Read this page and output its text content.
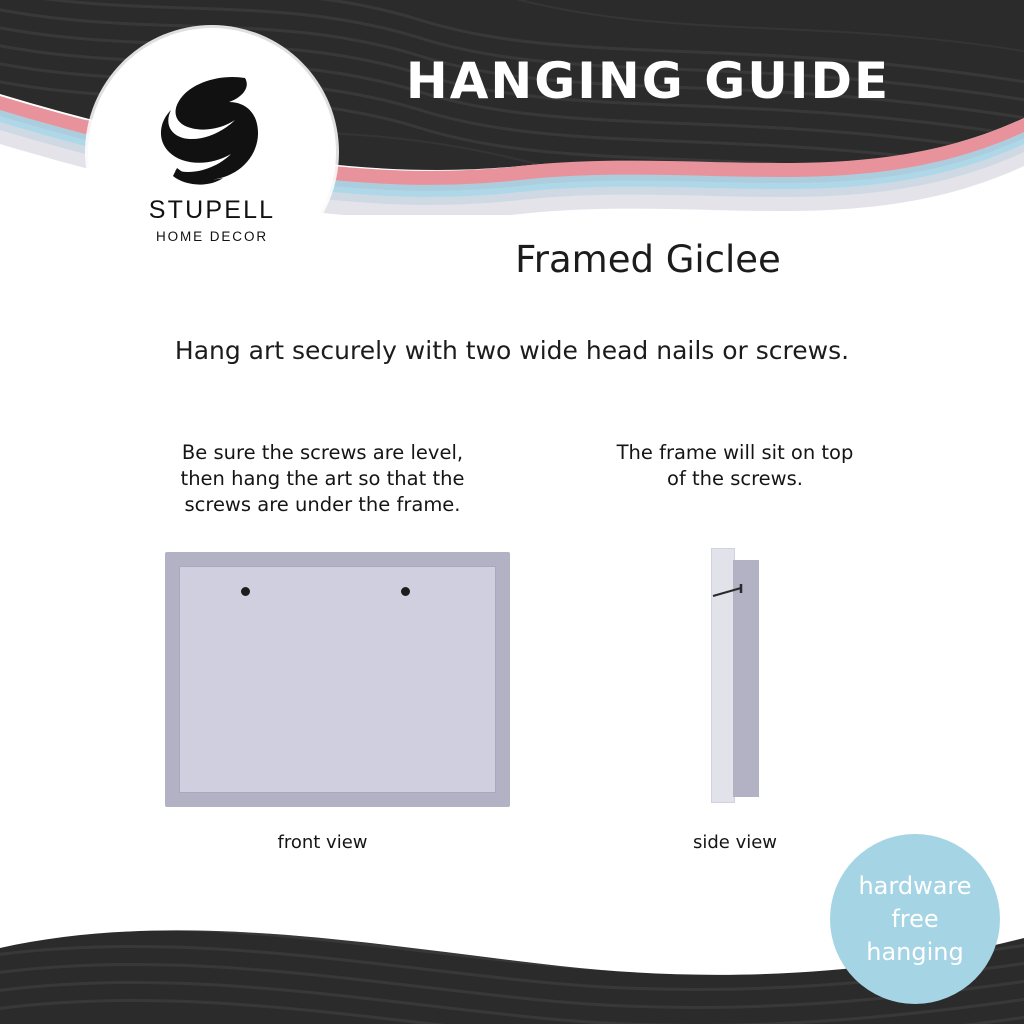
STUPELL
HOME DECOR
HANGING GUIDE
Framed Giclee
Hang art securely with two wide head nails or screws.
Be sure the screws are level,
then hang the art so that the
screws are under the frame.
front view
The frame will sit on top
of the screws.
side view
hardware
free
hanging
